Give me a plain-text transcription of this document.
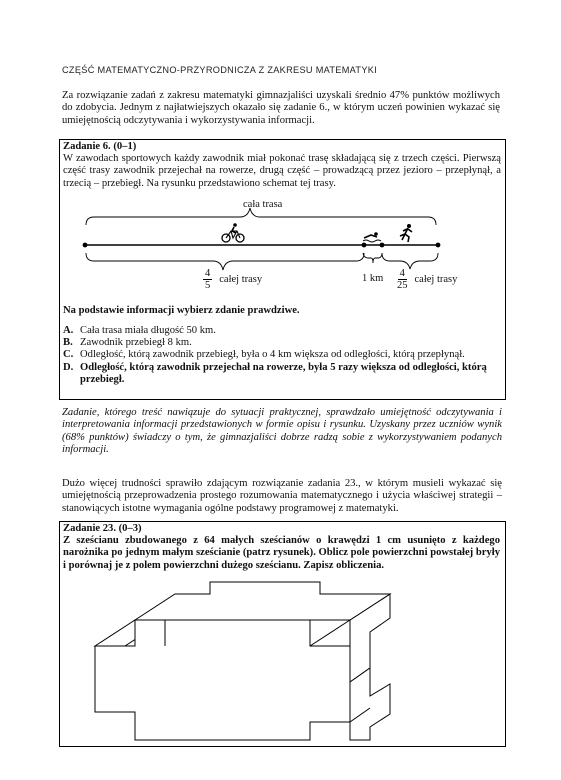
CZĘŚĆ MATEMATYCZNO-PRZYRODNICZA Z ZAKRESU MATEMATYKI
Za rozwiązanie zadań z zakresu matematyki gimnazjaliści uzyskali średnio 47% punktów możliwych do zdobycia. Jednym z najłatwiejszych okazało się zadanie 6., w którym uczeń powinien wykazać się umiejętnością odczytywania i wykorzystywania informacji.
Zadanie 6. (0–1)
W zawodach sportowych każdy zawodnik miał pokonać trasę składającą się z trzech części. Pierwszą część trasy zawodnik przejechał na rowerze, drugą część – prowadzącą przez jezioro – przepłynął, a trzecią – przebiegł. Na rysunku przedstawiono schemat tej trasy.
cała trasa
$\frac{4}{5}$ całej trasy	1 km $\frac{4}{25}$ całej trasy
Na podstawie informacji wybierz zdanie prawdziwe.
A. Cała trasa miała długość 50 km.
B. Zawodnik przebiegł 8 km.
C. Odległość, którą zawodnik przebiegł, była o 4 km większa od odległości, którą przepłynął.
D. Odległość, którą zawodnik przejechał na rowerze, była 5 razy większa od odległości, którą przebiegł.
Zadanie, którego treść nawiązuje do sytuacji praktycznej, sprawdzało umiejętność odczytywania i interpretowania informacji przedstawionych w formie opisu i rysunku. Uzyskany przez uczniów wynik (68% punktów) świadczy o tym, że gimnazjaliści dobrze radzą sobie z wykorzystywaniem podanych informacji.
Dużo więcej trudności sprawiło zdającym rozwiązanie zadania 23., w którym musieli wykazać się umiejętnością przeprowadzenia prostego rozumowania matematycznego i użycia właściwej strategii – stanowiących istotne wymagania ogólne podstawy programowej z matematyki.
Zadanie 23. (0–3)
Z sześcianu zbudowanego z 64 małych sześcianów o krawędzi 1 cm usunięto z każdego narożnika po jednym małym sześcianie (patrz rysunek). Oblicz pole powierzchni powstałej bryły i porównaj je z polem powierzchni dużego sześcianu. Zapisz obliczenia.
